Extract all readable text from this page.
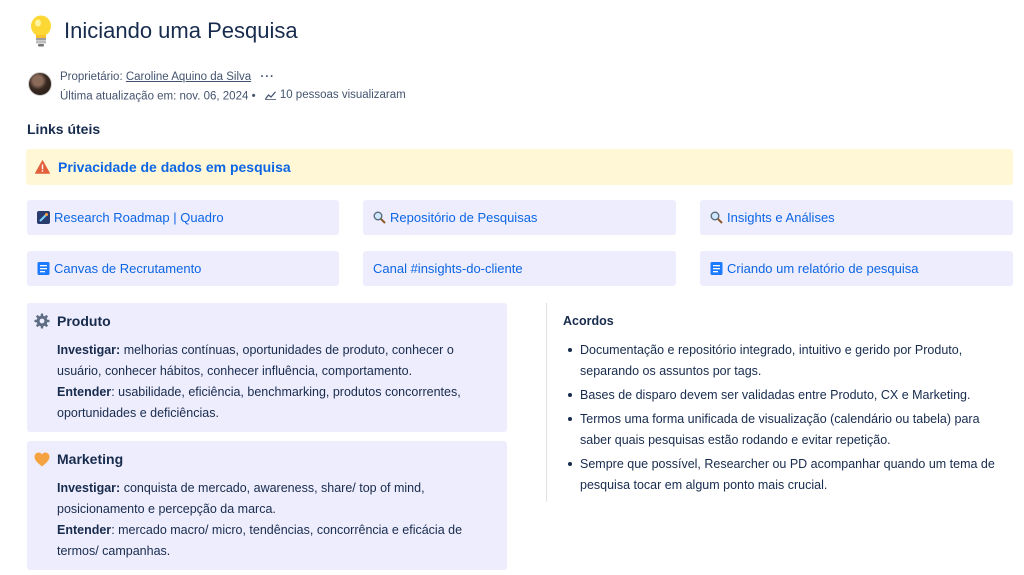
Iniciando uma Pesquisa
Proprietário: Caroline Aquino da Silva ···
Última atualização em: nov. 06, 2024 • 10 pessoas visualizaram
Links úteis
Privacidade de dados em pesquisa
Research Roadmap | Quadro	Repositório de Pesquisas	Insights e Análises
Canvas de Recrutamento	Canal #insights-do-cliente	Criando um relatório de pesquisa
Produto

Investigar: melhorias contínuas, oportunidades de produto, conhecer o usuário, conhecer hábitos, conhecer influência, comportamento.

Entender: usabilidade, eficiência, benchmarking, produtos concorrentes, oportunidades e deficiências.

Marketing

Investigar: conquista de mercado, awareness, share/ top of mind, posicionamento e percepção da marca.

Entender: mercado macro/ micro, tendências, concorrência e eficácia de termos/ campanhas.

Acordos
Documentação e repositório integrado, intuitivo e gerido por Produto, separando os assuntos por tags.
Bases de disparo devem ser validadas entre Produto, CX e Marketing.
Termos uma forma unificada de visualização (calendário ou tabela) para saber quais pesquisas estão rodando e evitar repetição.
Sempre que possível, Researcher ou PD acompanhar quando um tema de pesquisa tocar em algum ponto mais crucial.
